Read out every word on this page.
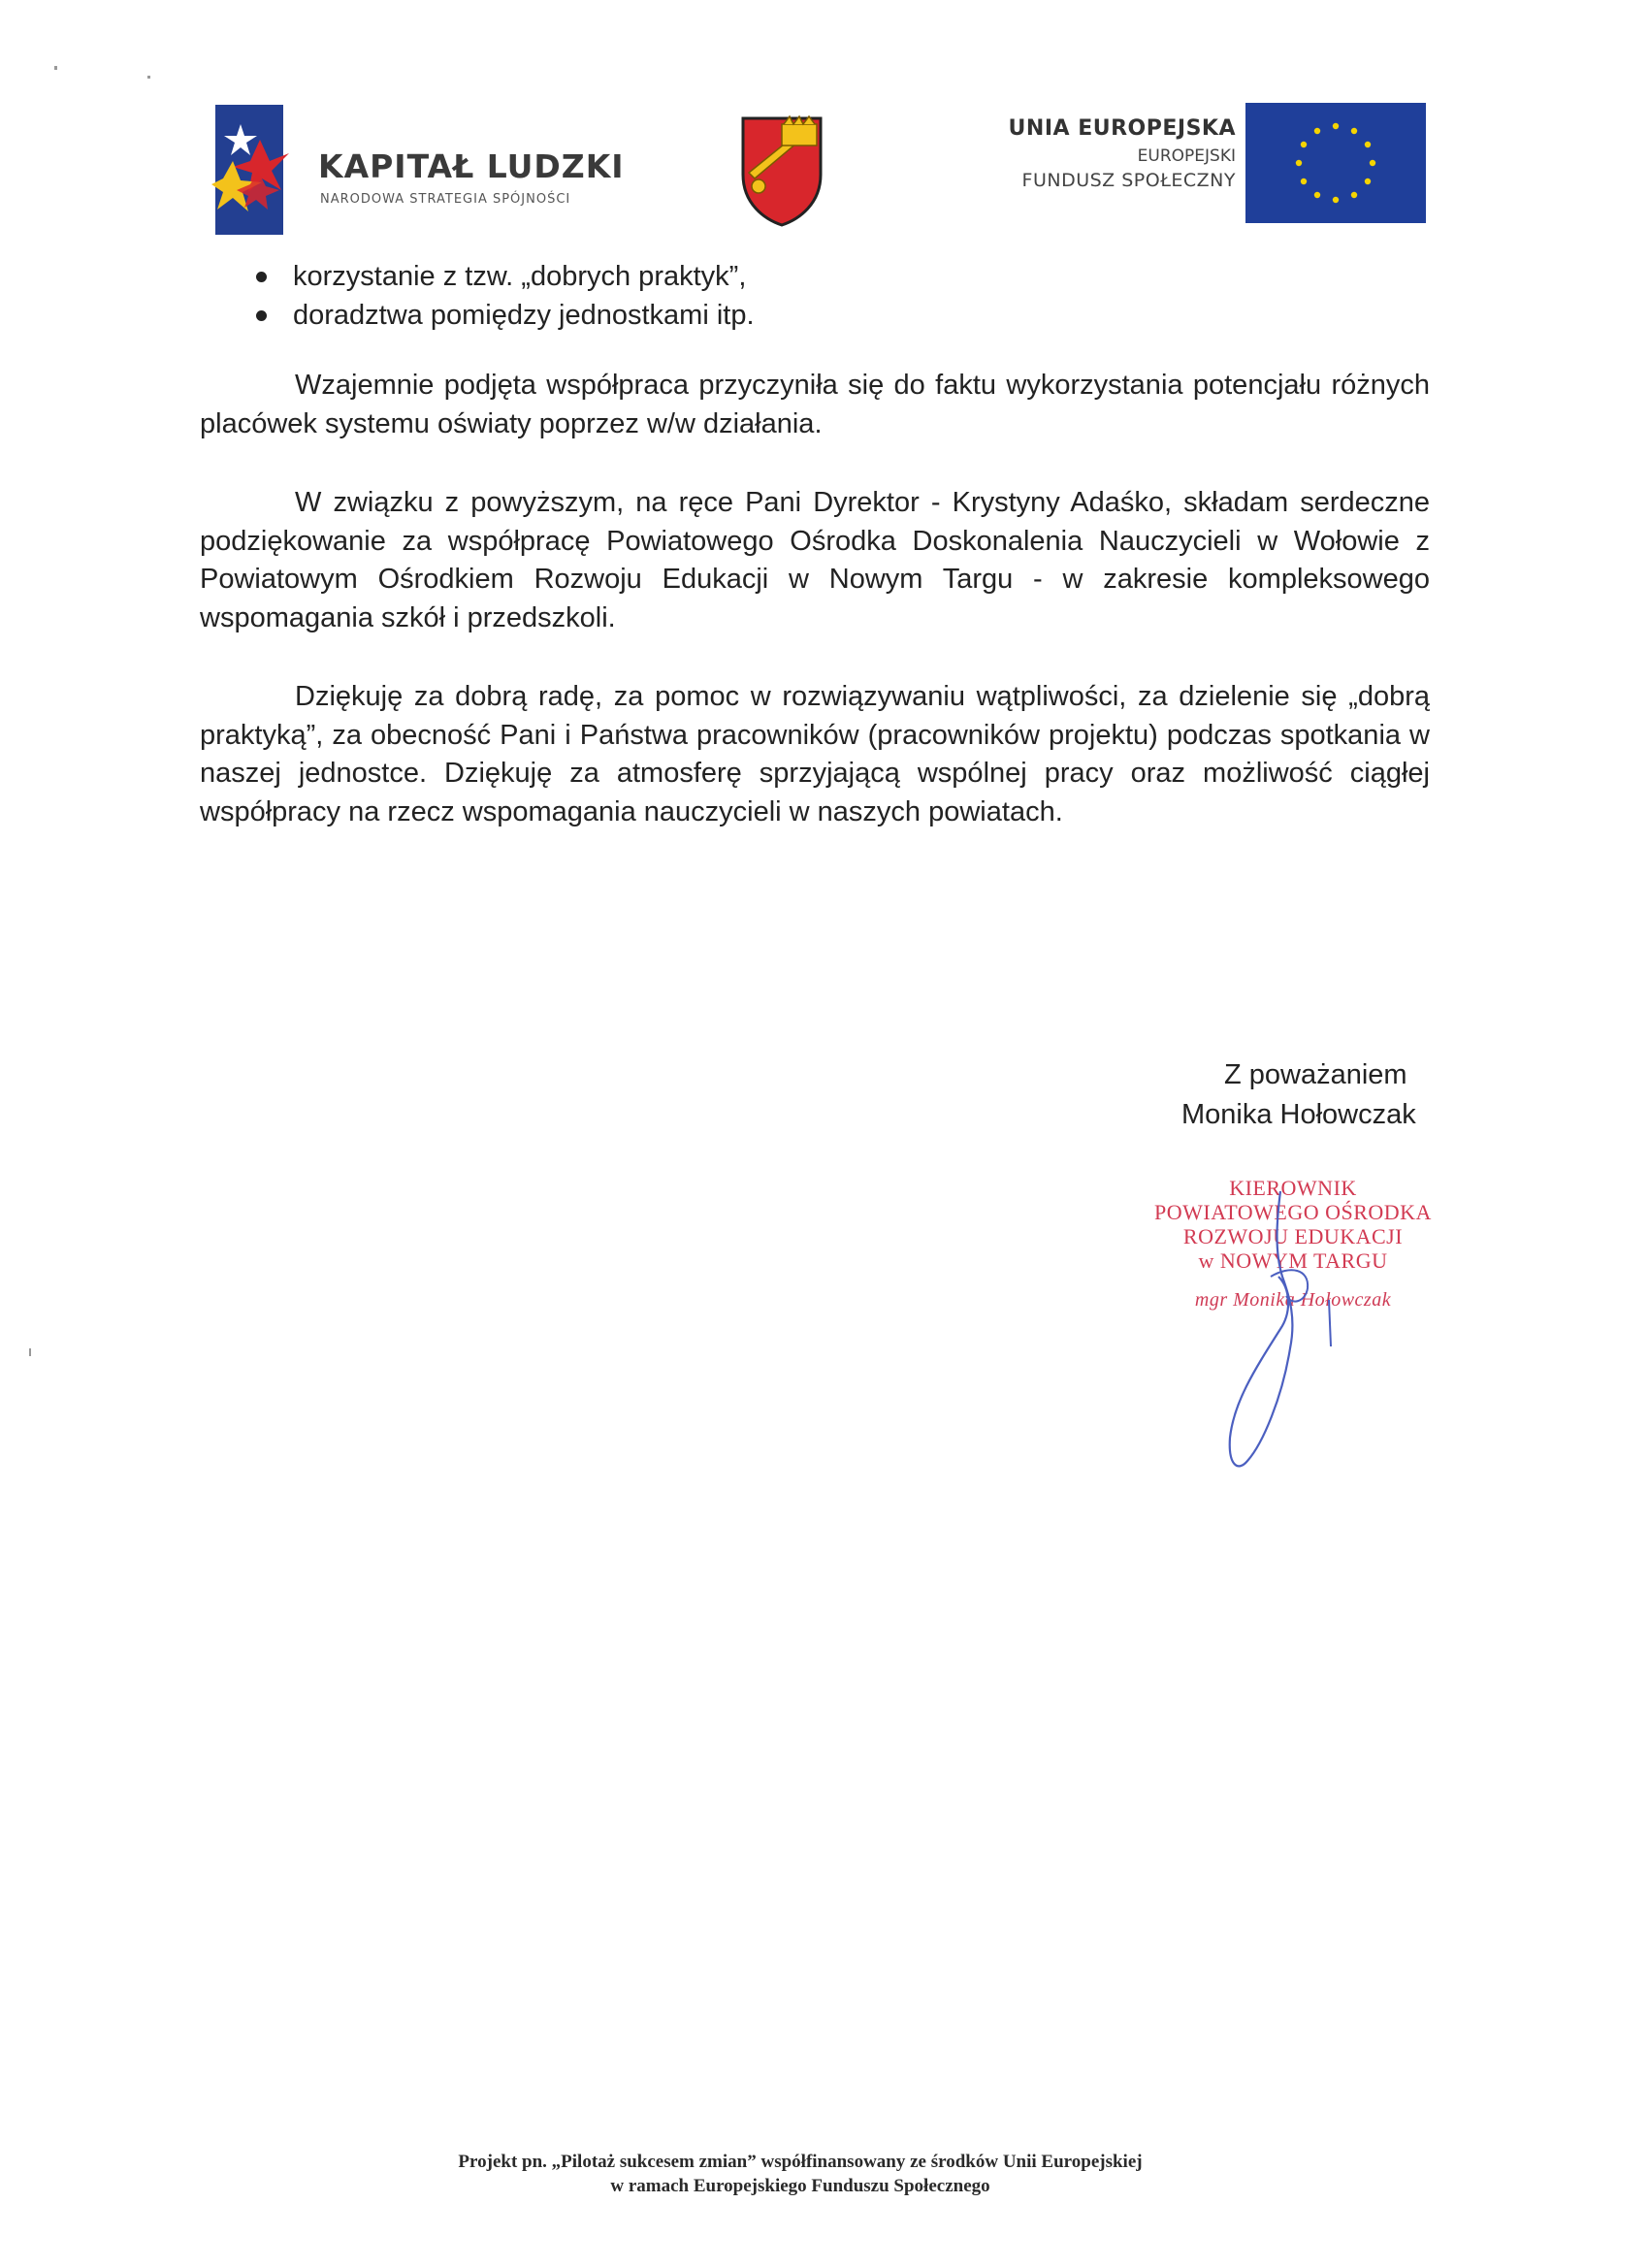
KAPITAŁ LUDZKI
NARODOWA STRATEGIA SPÓJNOŚCI
UNIA EUROPEJSKA
EUROPEJSKI
FUNDUSZ SPOŁECZNY
korzystanie z tzw. „dobrych praktyk”,
doradztwa pomiędzy jednostkami itp.

Wzajemnie podjęta współpraca przyczyniła się do faktu wykorzystania potencjału różnych placówek systemu oświaty poprzez w/w działania.

W związku z powyższym, na ręce Pani Dyrektor - Krystyny Adaśko, składam serdeczne podziękowanie za współpracę Powiatowego Ośrodka Doskonalenia Nauczycieli w Wołowie z Powiatowym Ośrodkiem Rozwoju Edukacji w Nowym Targu - w zakresie kompleksowego wspomagania szkół i przedszkoli.

Dziękuję za dobrą radę, za pomoc w rozwiązywaniu wątpliwości, za dzielenie się „dobrą praktyką”, za obecność Pani i Państwa pracowników (pracowników projektu) podczas spotkania w naszej jednostce. Dziękuję za atmosferę sprzyjającą wspólnej pracy oraz możliwość ciągłej współpracy na rzecz wspomagania nauczycieli w naszych powiatach.

Z poważaniem
Monika Hołowczak
KIEROWNIK
POWIATOWEGO OŚRODKA
ROZWOJU EDUKACJI
w NOWYM TARGU
mgr Monika Hołowczak
Projekt pn. „Pilotaż sukcesem zmian” współfinansowany ze środków Unii Europejskiej
w ramach Europejskiego Funduszu Społecznego
